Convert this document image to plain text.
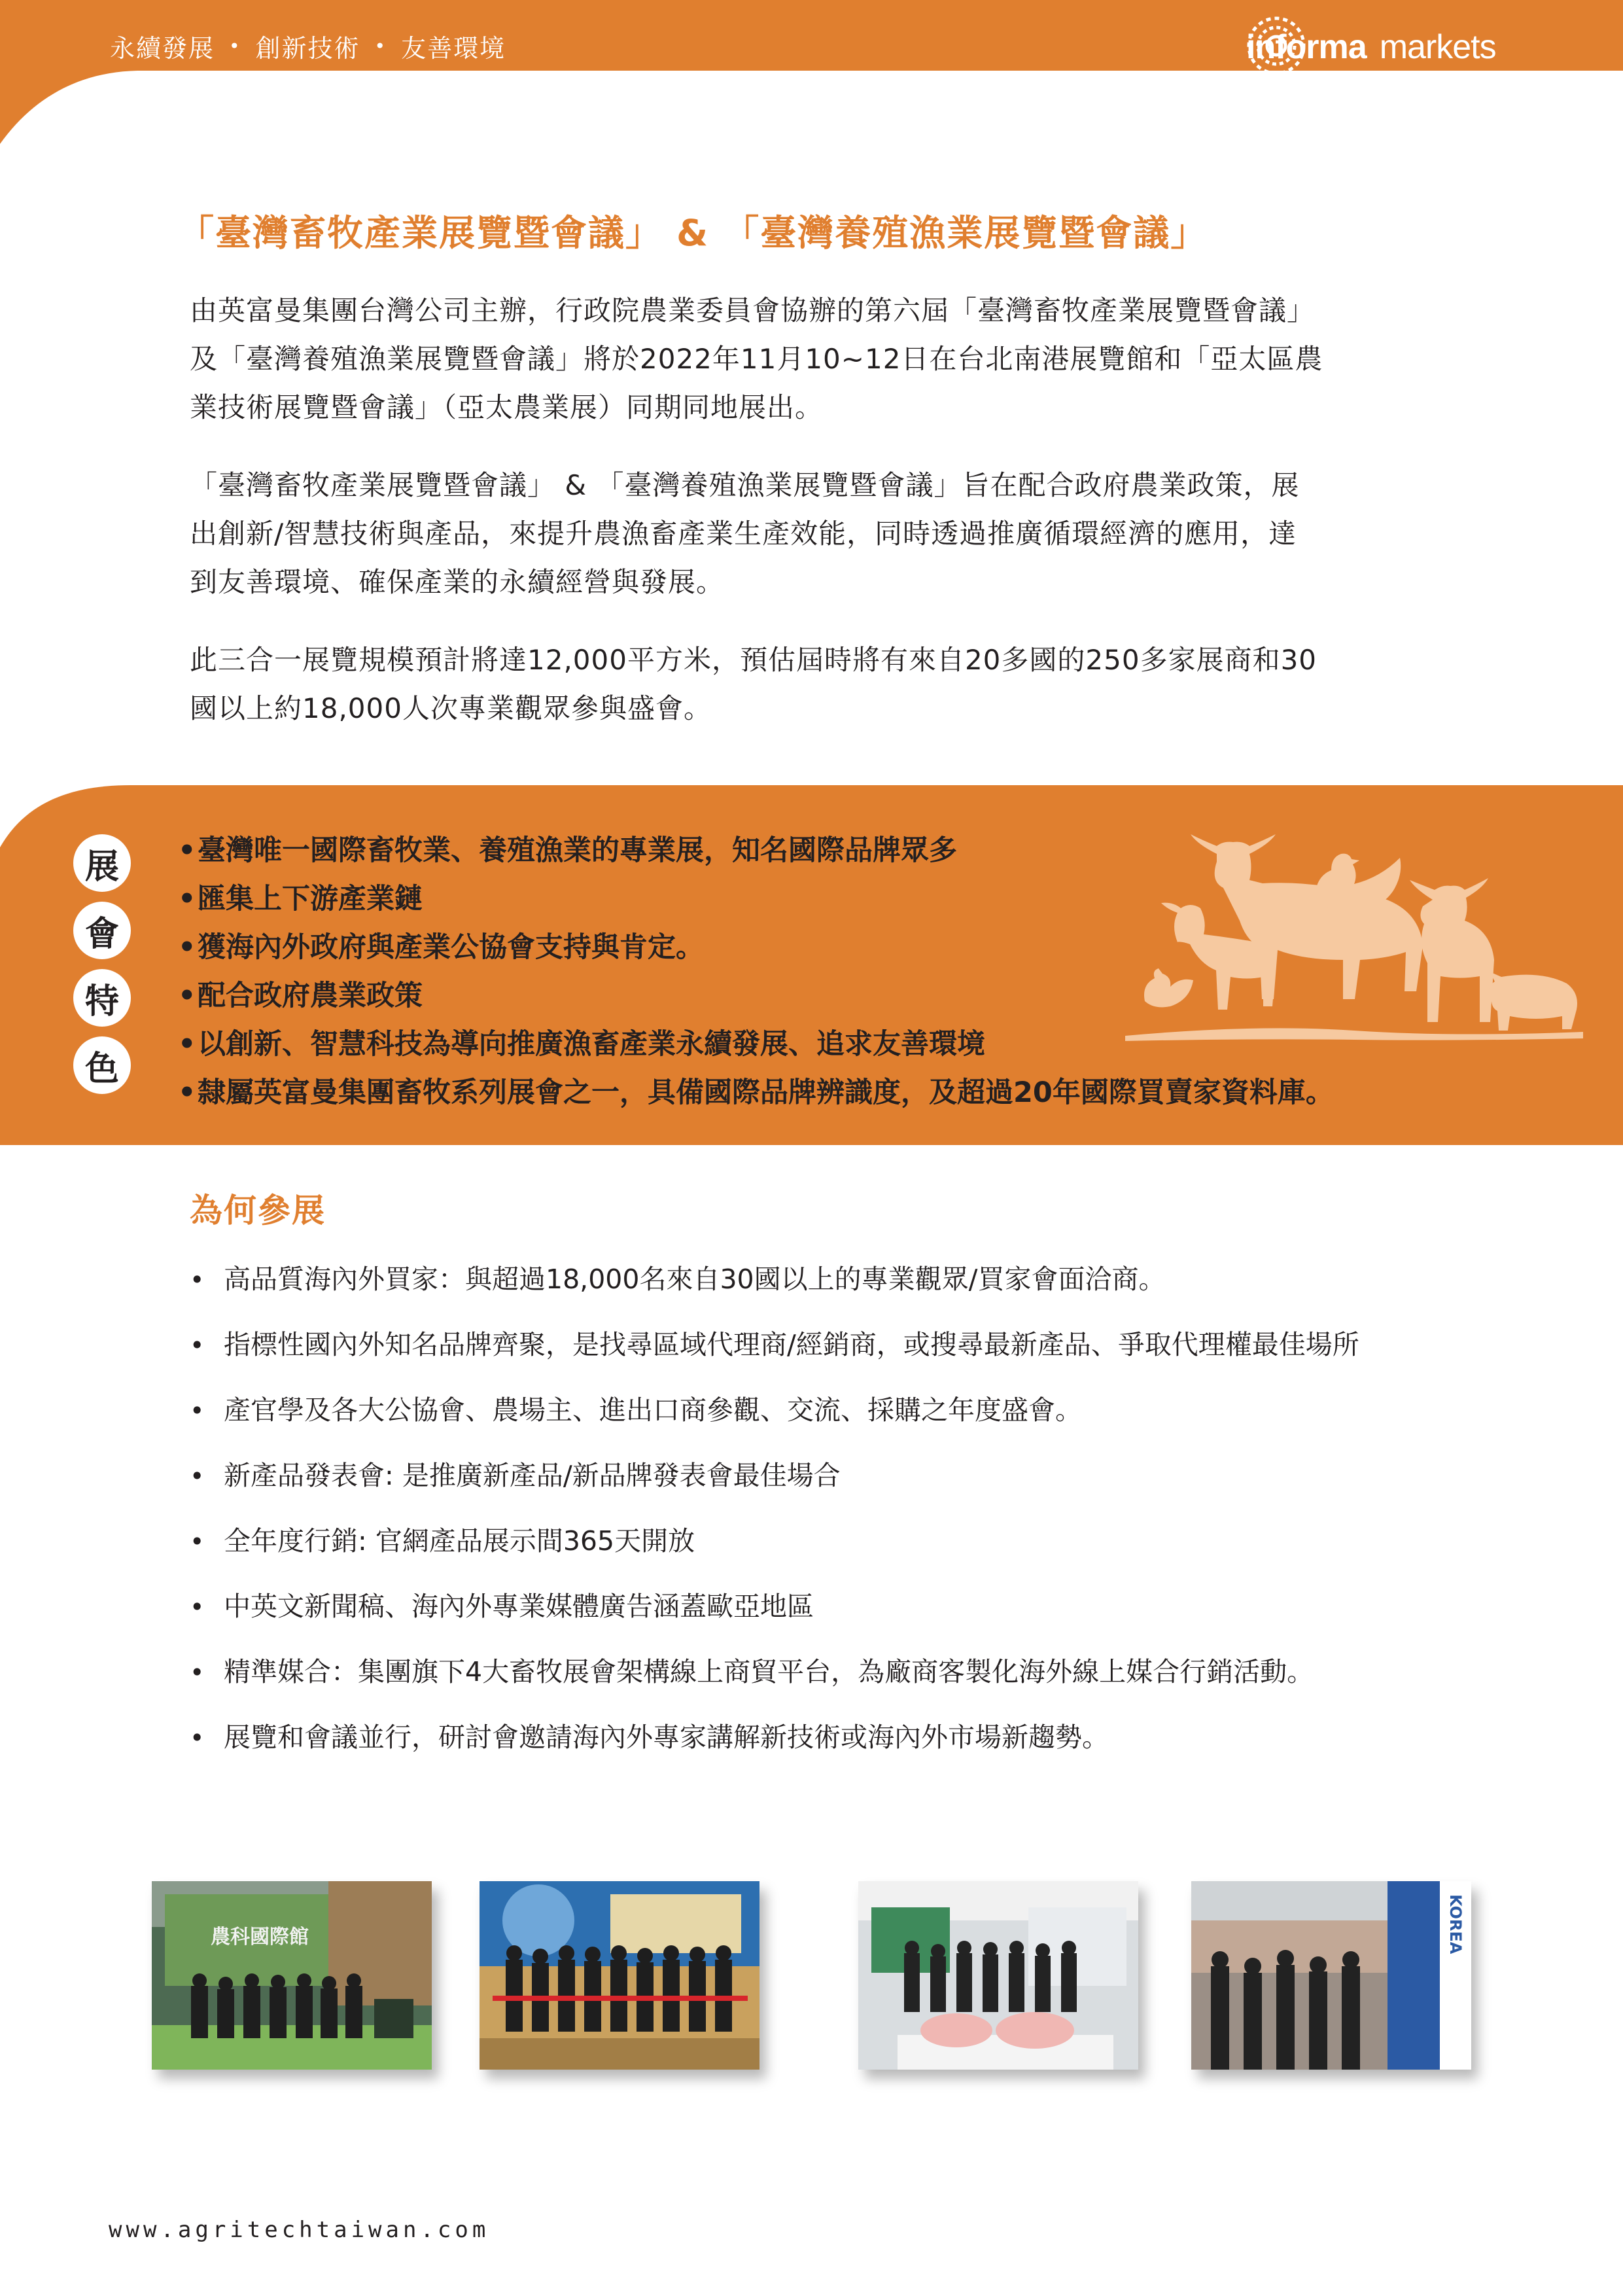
永續發展 • 創新技術 • 友善環境	informa markets
「臺灣畜牧產業展覽暨會議」 & 「臺灣養殖漁業展覽暨會議」
由英富曼集團台灣公司主辦，行政院農業委員會協辦的第六屆「臺灣畜牧產業展覽暨會議」
及「臺灣養殖漁業展覽暨會議」將於2022年11月10~12日在台北南港展覽館和「亞太區農
業技術展覽暨會議」（亞太農業展）同期同地展出。
「臺灣畜牧產業展覽暨會議」 & 「臺灣養殖漁業展覽暨會議」旨在配合政府農業政策，展
出創新/智慧技術與產品，來提升農漁畜產業生產效能，同時透過推廣循環經濟的應用，達
到友善環境、確保產業的永續經營與發展。
此三合一展覽規模預計將達12,000平方米，預估屆時將有來自20多國的250多家展商和30
國以上約18,000人次專業觀眾參與盛會。
展
會
特
色
•臺灣唯一國際畜牧業、養殖漁業的專業展，知名國際品牌眾多
•匯集上下游產業鏈
•獲海內外政府與產業公協會支持與肯定。
•配合政府農業政策
•以創新、智慧科技為導向推廣漁畜產業永續發展、追求友善環境
•隸屬英富曼集團畜牧系列展會之一，具備國際品牌辨識度，及超過20年國際買賣家資料庫。
為何參展
• 高品質海內外買家：與超過18,000名來自30國以上的專業觀眾/買家會面洽商。
• 指標性國內外知名品牌齊聚，是找尋區域代理商/經銷商，或搜尋最新產品、爭取代理權最佳場所
• 產官學及各大公協會、農場主、進出口商參觀、交流、採購之年度盛會。
• 新產品發表會: 是推廣新產品/新品牌發表會最佳場合
• 全年度行銷: 官網產品展示間365天開放
• 中英文新聞稿、海內外專業媒體廣告涵蓋歐亞地區
• 精準媒合：集團旗下4大畜牧展會架構線上商貿平台，為廠商客製化海外線上媒合行銷活動。
• 展覽和會議並行，研討會邀請海內外專家講解新技術或海內外市場新趨勢。
農科國際館	KOREA
www.agritechtaiwan.com
